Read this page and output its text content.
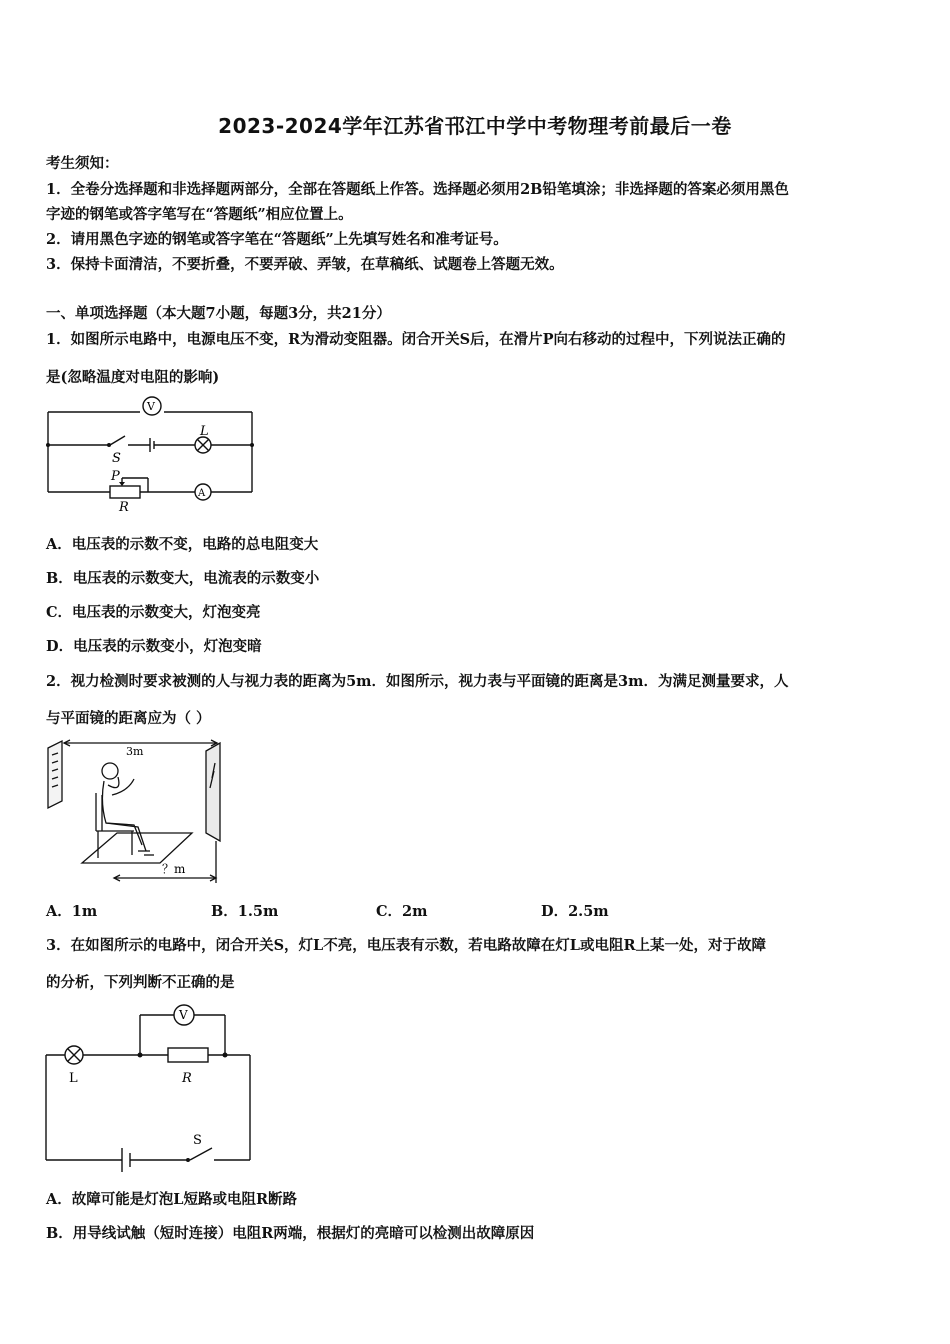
2023-2024学年江苏省邗江中学中考物理考前最后一卷
考生须知：
1．全卷分选择题和非选择题两部分，全部在答题纸上作答。选择题必须用2B铅笔填涂；非选择题的答案必须用黑色
字迹的钢笔或答字笔写在“答题纸”相应位置上。
2．请用黑色字迹的钢笔或答字笔在“答题纸”上先填写姓名和准考证号。
3．保持卡面清洁，不要折叠，不要弄破、弄皱，在草稿纸、试题卷上答题无效。
一、单项选择题（本大题7小题，每题3分，共21分）
1．如图所示电路中，电源电压不变，R为滑动变阻器。闭合开关S后，在滑片P向右移动的过程中，下列说法正确的
是(忽略温度对电阻的影响)
V
A
S
L
P
R
A．电压表的示数不变，电路的总电阻变大
B．电压表的示数变大，电流表的示数变小
C．电压表的示数变大，灯泡变亮
D．电压表的示数变小，灯泡变暗
2．视力检测时要求被测的人与视力表的距离为5m．如图所示，视力表与平面镜的距离是3m．为满足测量要求，人
与平面镜的距离应为（ ）
3m
？m
A．1m	B．1.5m	C．2m	D．2.5m
3．在如图所示的电路中，闭合开关S，灯L不亮，电压表有示数，若电路故障在灯L或电阻R上某一处，对于故障
的分析，下列判断不正确的是
V
L	R
S
A．故障可能是灯泡L短路或电阻R断路
B．用导线试触（短时连接）电阻R两端，根据灯的亮暗可以检测出故障原因
